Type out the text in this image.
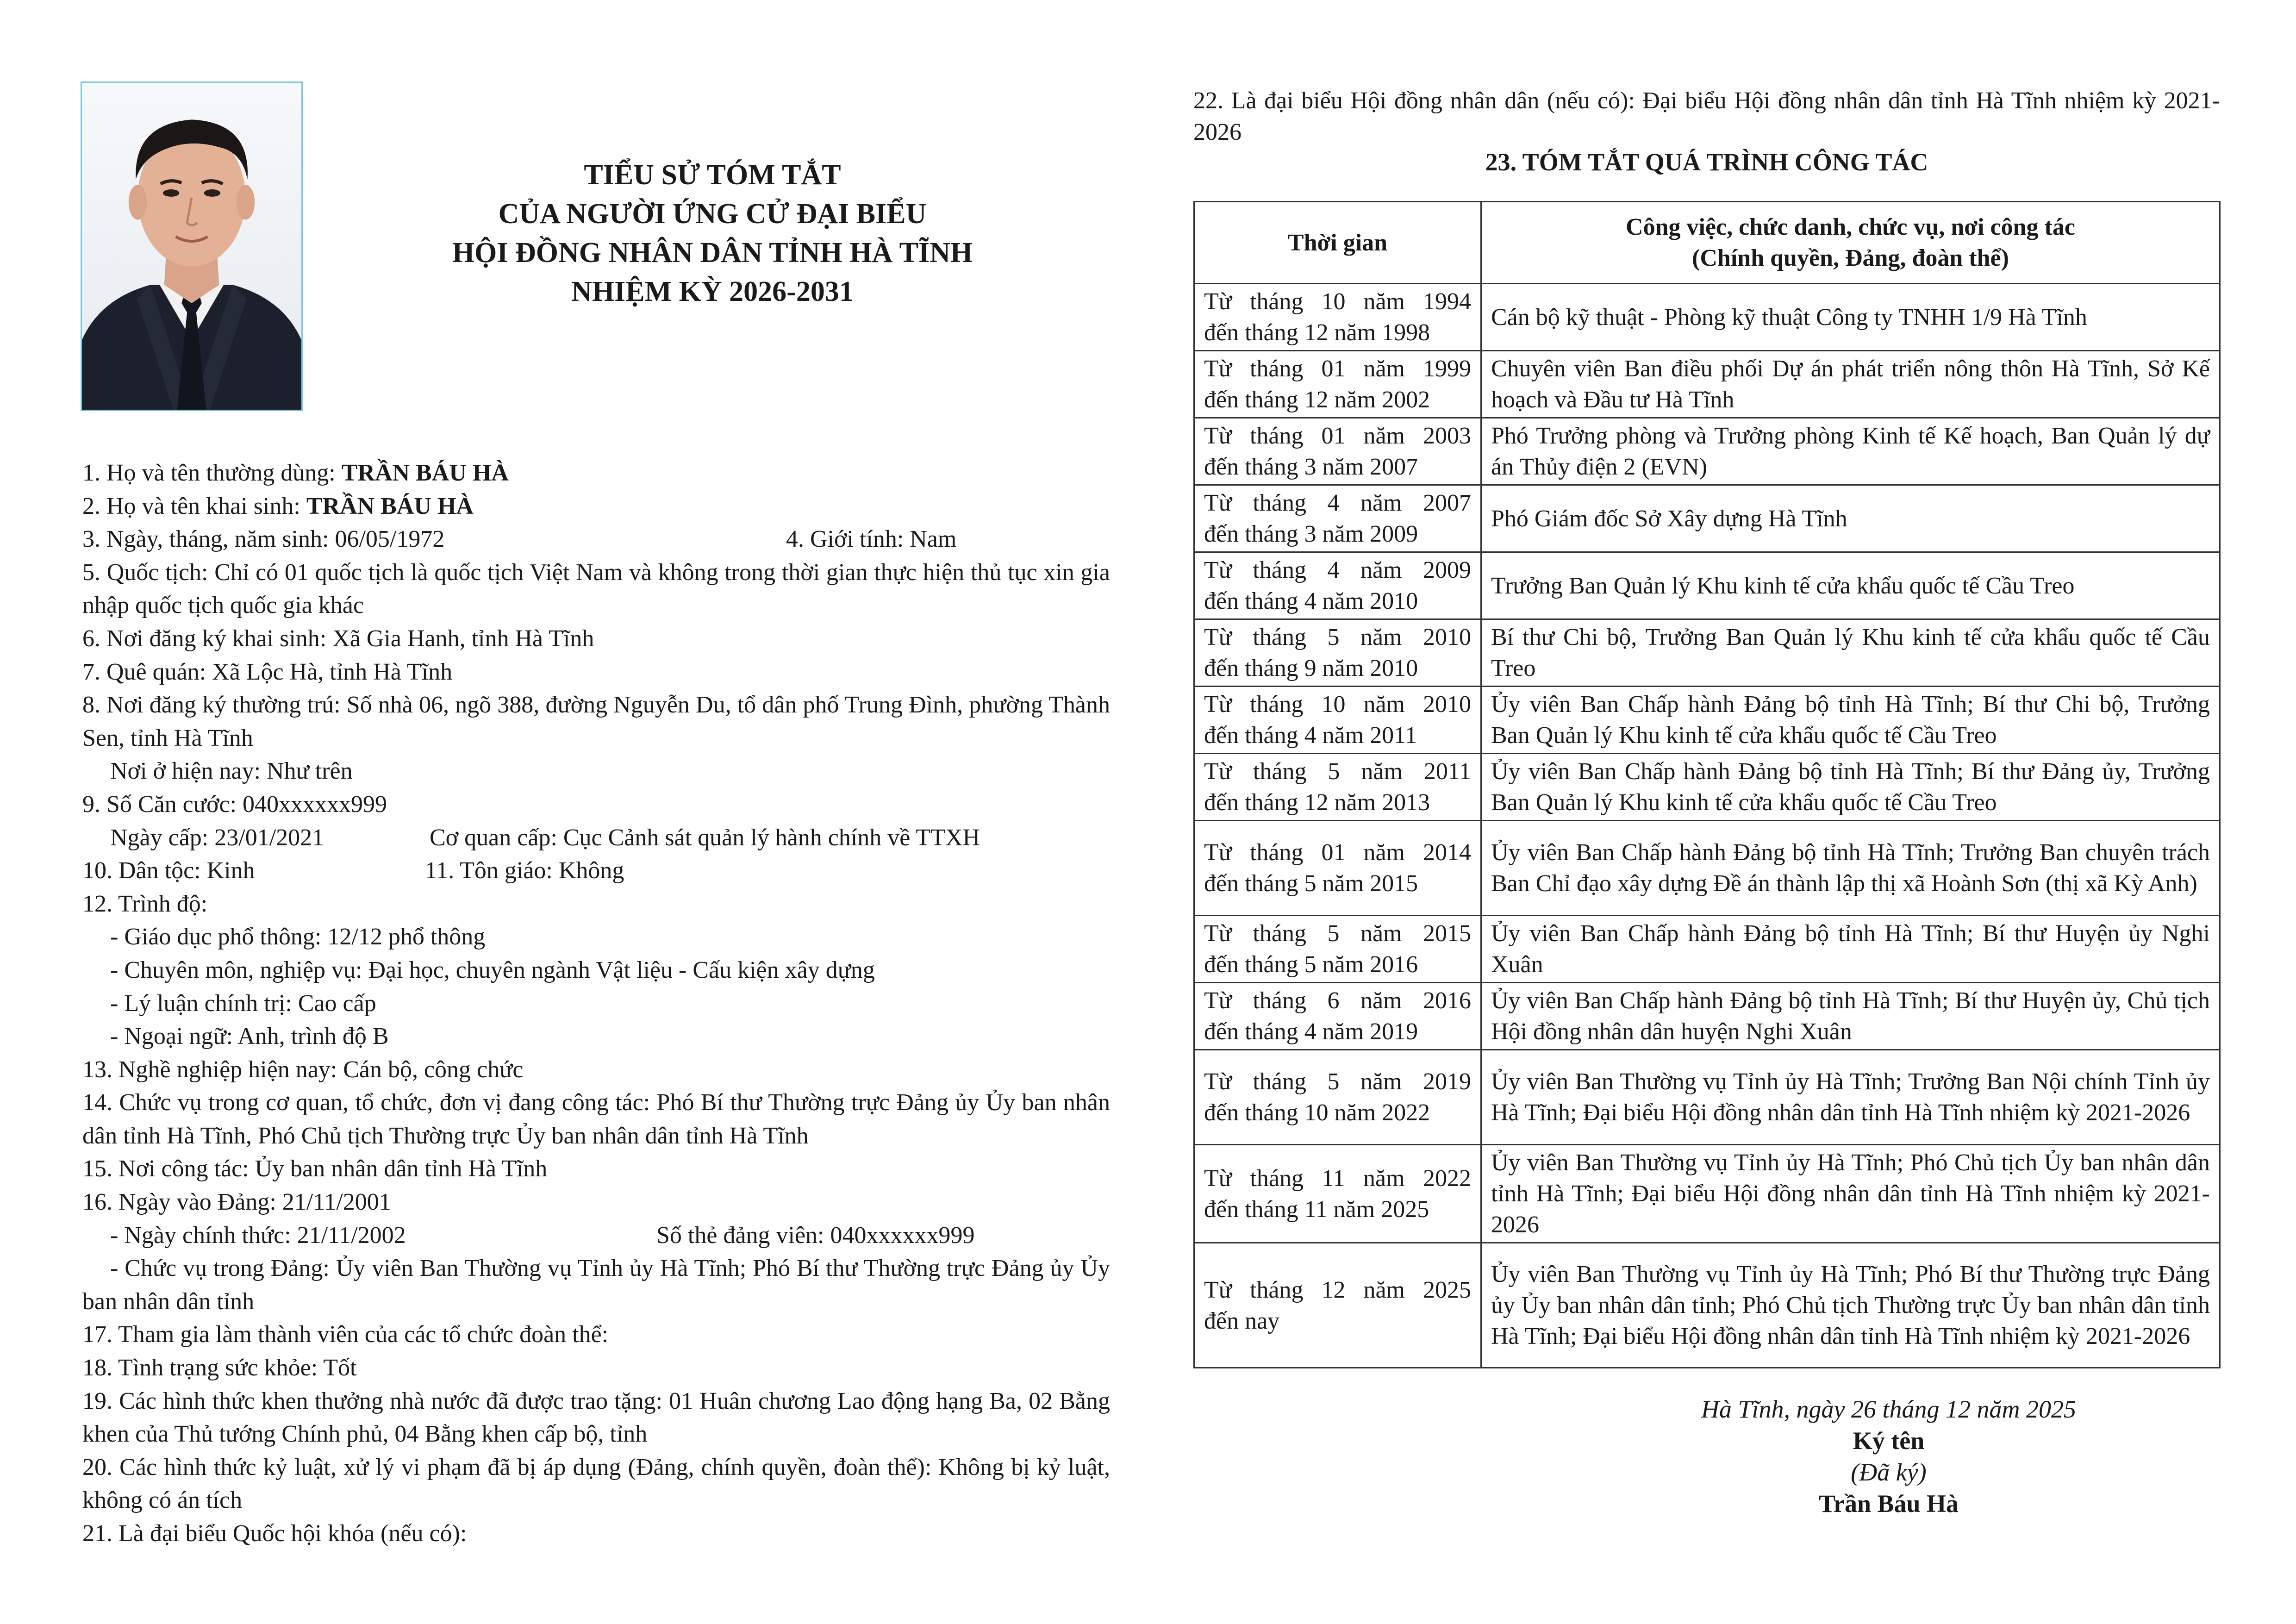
TIỂU SỬ TÓM TẮT
CỦA NGƯỜI ỨNG CỬ ĐẠI BIỂU
HỘI ĐỒNG NHÂN DÂN TỈNH HÀ TĨNH
NHIỆM KỲ 2026-2031
1. Họ và tên thường dùng: TRẦN BÁU HÀ
2. Họ và tên khai sinh: TRẦN BÁU HÀ
3. Ngày, tháng, năm sinh: 06/05/1972	4. Giới tính: Nam
5. Quốc tịch: Chỉ có 01 quốc tịch là quốc tịch Việt Nam và không trong thời gian thực hiện thủ tục xin gia nhập quốc tịch quốc gia khác
6. Nơi đăng ký khai sinh: Xã Gia Hanh, tỉnh Hà Tĩnh
7. Quê quán: Xã Lộc Hà, tỉnh Hà Tĩnh
8. Nơi đăng ký thường trú: Số nhà 06, ngõ 388, đường Nguyễn Du, tổ dân phố Trung Đình, phường Thành Sen, tỉnh Hà Tĩnh
Nơi ở hiện nay: Như trên
9. Số Căn cước: 040xxxxxx999
Ngày cấp: 23/01/2021	Cơ quan cấp: Cục Cảnh sát quản lý hành chính về TTXH
10. Dân tộc: Kinh	11. Tôn giáo: Không
12. Trình độ:
- Giáo dục phổ thông: 12/12 phổ thông
- Chuyên môn, nghiệp vụ: Đại học, chuyên ngành Vật liệu - Cấu kiện xây dựng
- Lý luận chính trị: Cao cấp
- Ngoại ngữ: Anh, trình độ B
13. Nghề nghiệp hiện nay: Cán bộ, công chức
14. Chức vụ trong cơ quan, tổ chức, đơn vị đang công tác: Phó Bí thư Thường trực Đảng ủy Ủy ban nhân dân tỉnh Hà Tĩnh, Phó Chủ tịch Thường trực Ủy ban nhân dân tỉnh Hà Tĩnh
15. Nơi công tác: Ủy ban nhân dân tỉnh Hà Tĩnh
16. Ngày vào Đảng: 21/11/2001
- Ngày chính thức: 21/11/2002	Số thẻ đảng viên: 040xxxxxx999
- Chức vụ trong Đảng: Ủy viên Ban Thường vụ Tỉnh ủy Hà Tĩnh; Phó Bí thư Thường trực Đảng ủy Ủy ban nhân dân tỉnh
17. Tham gia làm thành viên của các tổ chức đoàn thể:
18. Tình trạng sức khỏe: Tốt
19. Các hình thức khen thưởng nhà nước đã được trao tặng: 01 Huân chương Lao động hạng Ba, 02 Bằng khen của Thủ tướng Chính phủ, 04 Bằng khen cấp bộ, tỉnh
20. Các hình thức kỷ luật, xử lý vi phạm đã bị áp dụng (Đảng, chính quyền, đoàn thể): Không bị kỷ luật, không có án tích
21. Là đại biểu Quốc hội khóa (nếu có):
22. Là đại biểu Hội đồng nhân dân (nếu có): Đại biểu Hội đồng nhân dân tỉnh Hà Tĩnh nhiệm kỳ 2021-2026
23. TÓM TẮT QUÁ TRÌNH CÔNG TÁC
Thời gian	Công việc, chức danh, chức vụ, nơi công tác
(Chính quyền, Đảng, đoàn thể)

Từ tháng 10 năm 1994
đến tháng 12 năm 1998	Cán bộ kỹ thuật - Phòng kỹ thuật Công ty TNHH 1/9 Hà Tĩnh

Từ tháng 01 năm 1999
đến tháng 12 năm 2002	Chuyên viên Ban điều phối Dự án phát triển nông thôn Hà Tĩnh, Sở Kế hoạch và Đầu tư Hà Tĩnh

Từ tháng 01 năm 2003
đến tháng 3 năm 2007	Phó Trưởng phòng và Trưởng phòng Kinh tế Kế hoạch, Ban Quản lý dự án Thủy điện 2 (EVN)

Từ tháng 4 năm 2007
đến tháng 3 năm 2009	Phó Giám đốc Sở Xây dựng Hà Tĩnh

Từ tháng 4 năm 2009
đến tháng 4 năm 2010	Trưởng Ban Quản lý Khu kinh tế cửa khẩu quốc tế Cầu Treo

Từ tháng 5 năm 2010
đến tháng 9 năm 2010	Bí thư Chi bộ, Trưởng Ban Quản lý Khu kinh tế cửa khẩu quốc tế Cầu Treo

Từ tháng 10 năm 2010
đến tháng 4 năm 2011	Ủy viên Ban Chấp hành Đảng bộ tỉnh Hà Tĩnh; Bí thư Chi bộ, Trưởng Ban Quản lý Khu kinh tế cửa khẩu quốc tế Cầu Treo

Từ tháng 5 năm 2011
đến tháng 12 năm 2013	Ủy viên Ban Chấp hành Đảng bộ tỉnh Hà Tĩnh; Bí thư Đảng ủy, Trưởng Ban Quản lý Khu kinh tế cửa khẩu quốc tế Cầu Treo

Từ tháng 01 năm 2014
đến tháng 5 năm 2015	Ủy viên Ban Chấp hành Đảng bộ tỉnh Hà Tĩnh; Trưởng Ban chuyên trách Ban Chỉ đạo xây dựng Đề án thành lập thị xã Hoành Sơn (thị xã Kỳ Anh)

Từ tháng 5 năm 2015
đến tháng 5 năm 2016	Ủy viên Ban Chấp hành Đảng bộ tỉnh Hà Tĩnh; Bí thư Huyện ủy Nghi Xuân

Từ tháng 6 năm 2016
đến tháng 4 năm 2019	Ủy viên Ban Chấp hành Đảng bộ tỉnh Hà Tĩnh; Bí thư Huyện ủy, Chủ tịch Hội đồng nhân dân huyện Nghi Xuân

Từ tháng 5 năm 2019
đến tháng 10 năm 2022	Ủy viên Ban Thường vụ Tỉnh ủy Hà Tĩnh; Trưởng Ban Nội chính Tỉnh ủy Hà Tĩnh; Đại biểu Hội đồng nhân dân tỉnh Hà Tĩnh nhiệm kỳ 2021-2026

Từ tháng 11 năm 2022
đến tháng 11 năm 2025	Ủy viên Ban Thường vụ Tỉnh ủy Hà Tĩnh; Phó Chủ tịch Ủy ban nhân dân tỉnh Hà Tĩnh; Đại biểu Hội đồng nhân dân tỉnh Hà Tĩnh nhiệm kỳ 2021-2026

Từ tháng 12 năm 2025
đến nay	Ủy viên Ban Thường vụ Tỉnh ủy Hà Tĩnh; Phó Bí thư Thường trực Đảng ủy Ủy ban nhân dân tỉnh; Phó Chủ tịch Thường trực Ủy ban nhân dân tỉnh Hà Tĩnh; Đại biểu Hội đồng nhân dân tỉnh Hà Tĩnh nhiệm kỳ 2021-2026
Hà Tĩnh, ngày 26 tháng 12 năm 2025
Ký tên
(Đã ký)
Trần Báu Hà
